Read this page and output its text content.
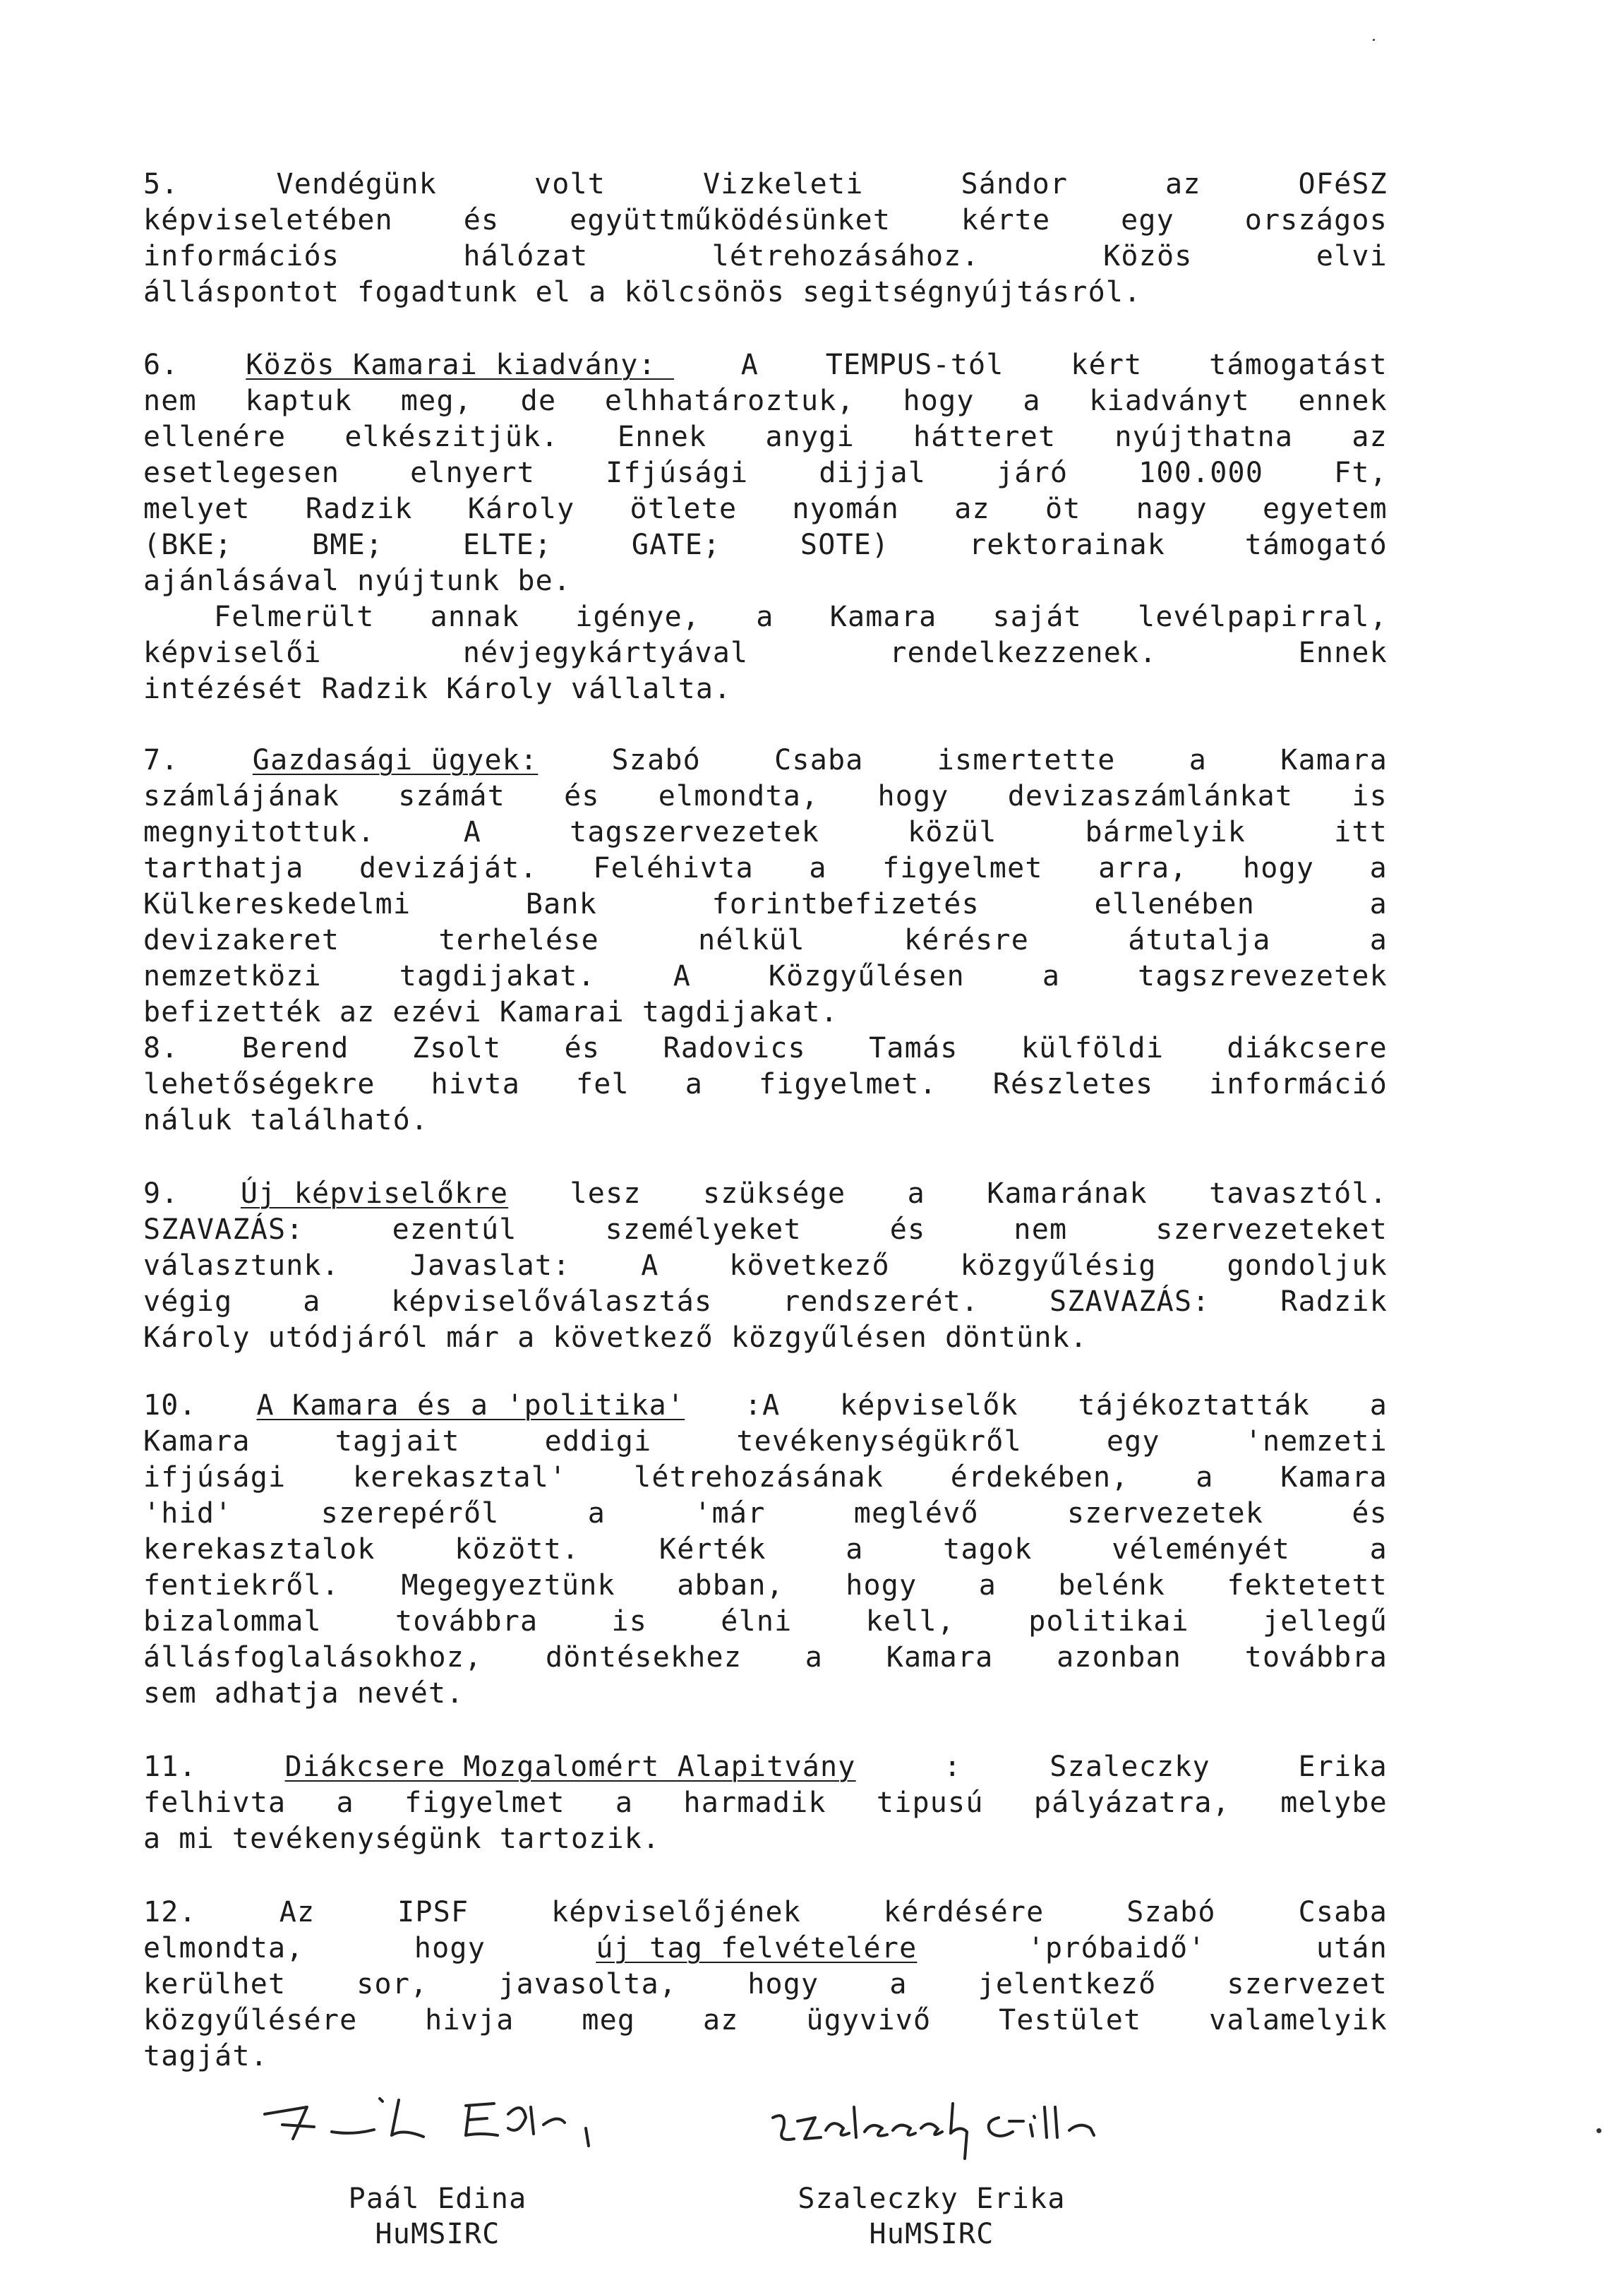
5.	Vendégünk	volt	Vizkeleti	Sándor	az	OFéSZ
képviseletében és együttműködésünket kérte egy országos
információs	hálózat	létrehozásához.	Közös	elvi
álláspontot fogadtunk el a kölcsönös segitségnyújtásról.
6. Közös Kamarai kiadvány: A TEMPUS-tól kért támogatást
nem kaptuk meg, de elhhatároztuk, hogy a kiadványt ennek
ellenére elkészitjük. Ennek anygi hátteret nyújthatna az
esetlegesen elnyert Ifjúsági dijjal járó 100.000 Ft,
melyet Radzik Károly ötlete nyomán az öt nagy egyetem
(BKE;	BME;	ELTE;	GATE;	SOTE)	rektorainak	támogató
ajánlásával nyújtunk be.
Felmerült annak igénye, a Kamara saját levélpapirral,
képviselői	névjegykártyával	rendelkezzenek.	Ennek
intézését Radzik Károly vállalta.
7.	Gazdasági ügyek:	Szabó	Csaba	ismertette	a	Kamara
számlájának számát és elmondta, hogy devizaszámlánkat is
megnyitottuk.	A	tagszervezetek	közül	bármelyik	itt
tarthatja devizáját. Feléhivta a figyelmet arra, hogy a
Külkereskedelmi	Bank	forintbefizetés	ellenében	a
devizakeret	terhelése	nélkül	kérésre	átutalja	a
nemzetközi	tagdijakat.	A	Közgyűlésen	a	tagszrevezetek
befizették az ezévi Kamarai tagdijakat.
8. Berend Zsolt és Radovics Tamás külföldi diákcsere
lehetőségekre hivta fel a figyelmet. Részletes információ
náluk található.
9. Új képviselőkre lesz szüksége a Kamarának tavasztól.
SZAVAZÁS:	ezentúl	személyeket	és	nem	szervezeteket
választunk. Javaslat: A következő közgyűlésig gondoljuk
végig a képviselőválasztás rendszerét. SZAVAZÁS: Radzik
Károly utódjáról már a következő közgyűlésen döntünk.
10. A Kamara és a 'politika' :A képviselők tájékoztatták a
Kamara	tagjait	eddigi	tevékenységükről	egy	'nemzeti
ifjúsági kerekasztal' létrehozásának érdekében, a Kamara
'hid'	szerepéről	a	'már	meglévő	szervezetek	és
kerekasztalok	között.	Kérték	a	tagok	véleményét	a
fentiekről. Megegyeztünk abban, hogy a belénk fektetett
bizalommal	továbbra	is	élni	kell,	politikai	jellegű
állásfoglalásokhoz, döntésekhez a Kamara azonban továbbra
sem adhatja nevét.
11.	Diákcsere Mozgalomért Alapitvány	:	Szaleczky	Erika
felhivta a figyelmet a harmadik tipusú pályázatra, melybe
a mi tevékenységünk tartozik.
12.	Az	IPSF	képviselőjének	kérdésére	Szabó	Csaba
elmondta,	hogy	új tag felvételére	'próbaidő'	után
kerülhet sor, javasolta, hogy a jelentkező szervezet
közgyűlésére hivja meg az ügyvivő Testület valamelyik
tagját.
Paál Edina
HuMSIRC
Szaleczky Erika
HuMSIRC
